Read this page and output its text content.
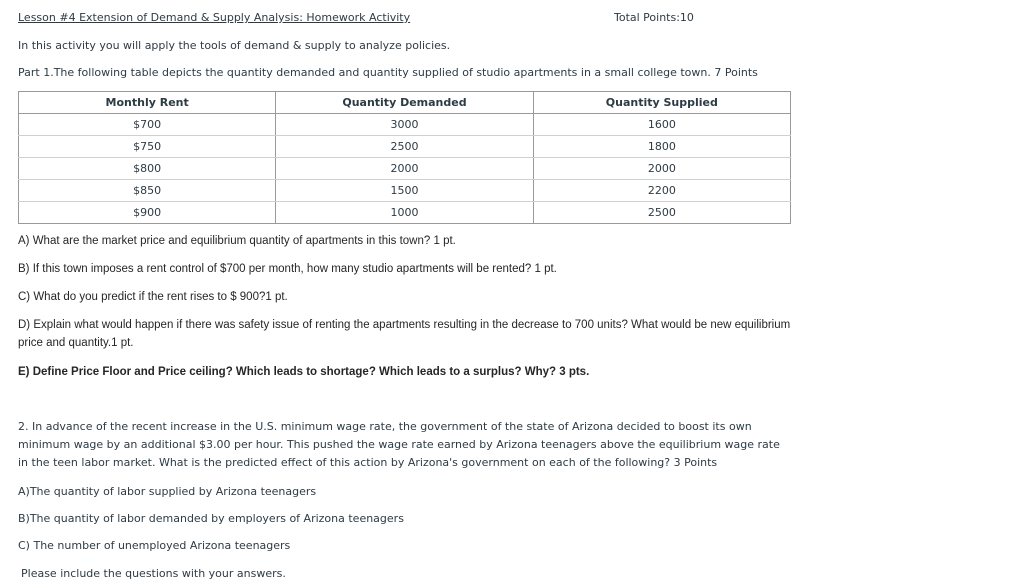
Lesson #4 Extension of Demand & Supply Analysis: Homework Activity	Total Points:10
In this activity you will apply the tools of demand & supply to analyze policies.
Part 1.The following table depicts the quantity demanded and quantity supplied of studio apartments in a small college town. 7 Points
Monthly Rent	Quantity Demanded	Quantity Supplied
$700	3000	1600
$750	2500	1800
$800	2000	2000
$850	1500	2200
$900	1000	2500
A) What are the market price and equilibrium quantity of apartments in this town? 1 pt.
B) If this town imposes a rent control of $700 per month, how many studio apartments will be rented? 1 pt.
C) What do you predict if the rent rises to $ 900?1 pt.
D) Explain what would happen if there was safety issue of renting the apartments resulting in the decrease to 700 units? What would be new equilibrium price and quantity.1 pt.
E) Define Price Floor and Price ceiling? Which leads to shortage? Which leads to a surplus? Why? 3 pts.
2. In advance of the recent increase in the U.S. minimum wage rate, the government of the state of Arizona decided to boost its own minimum wage by an additional $3.00 per hour. This pushed the wage rate earned by Arizona teenagers above the equilibrium wage rate in the teen labor market. What is the predicted effect of this action by Arizona's government on each of the following? 3 Points
A)The quantity of labor supplied by Arizona teenagers
B)The quantity of labor demanded by employers of Arizona teenagers
C) The number of unemployed Arizona teenagers
Please include the questions with your answers.
